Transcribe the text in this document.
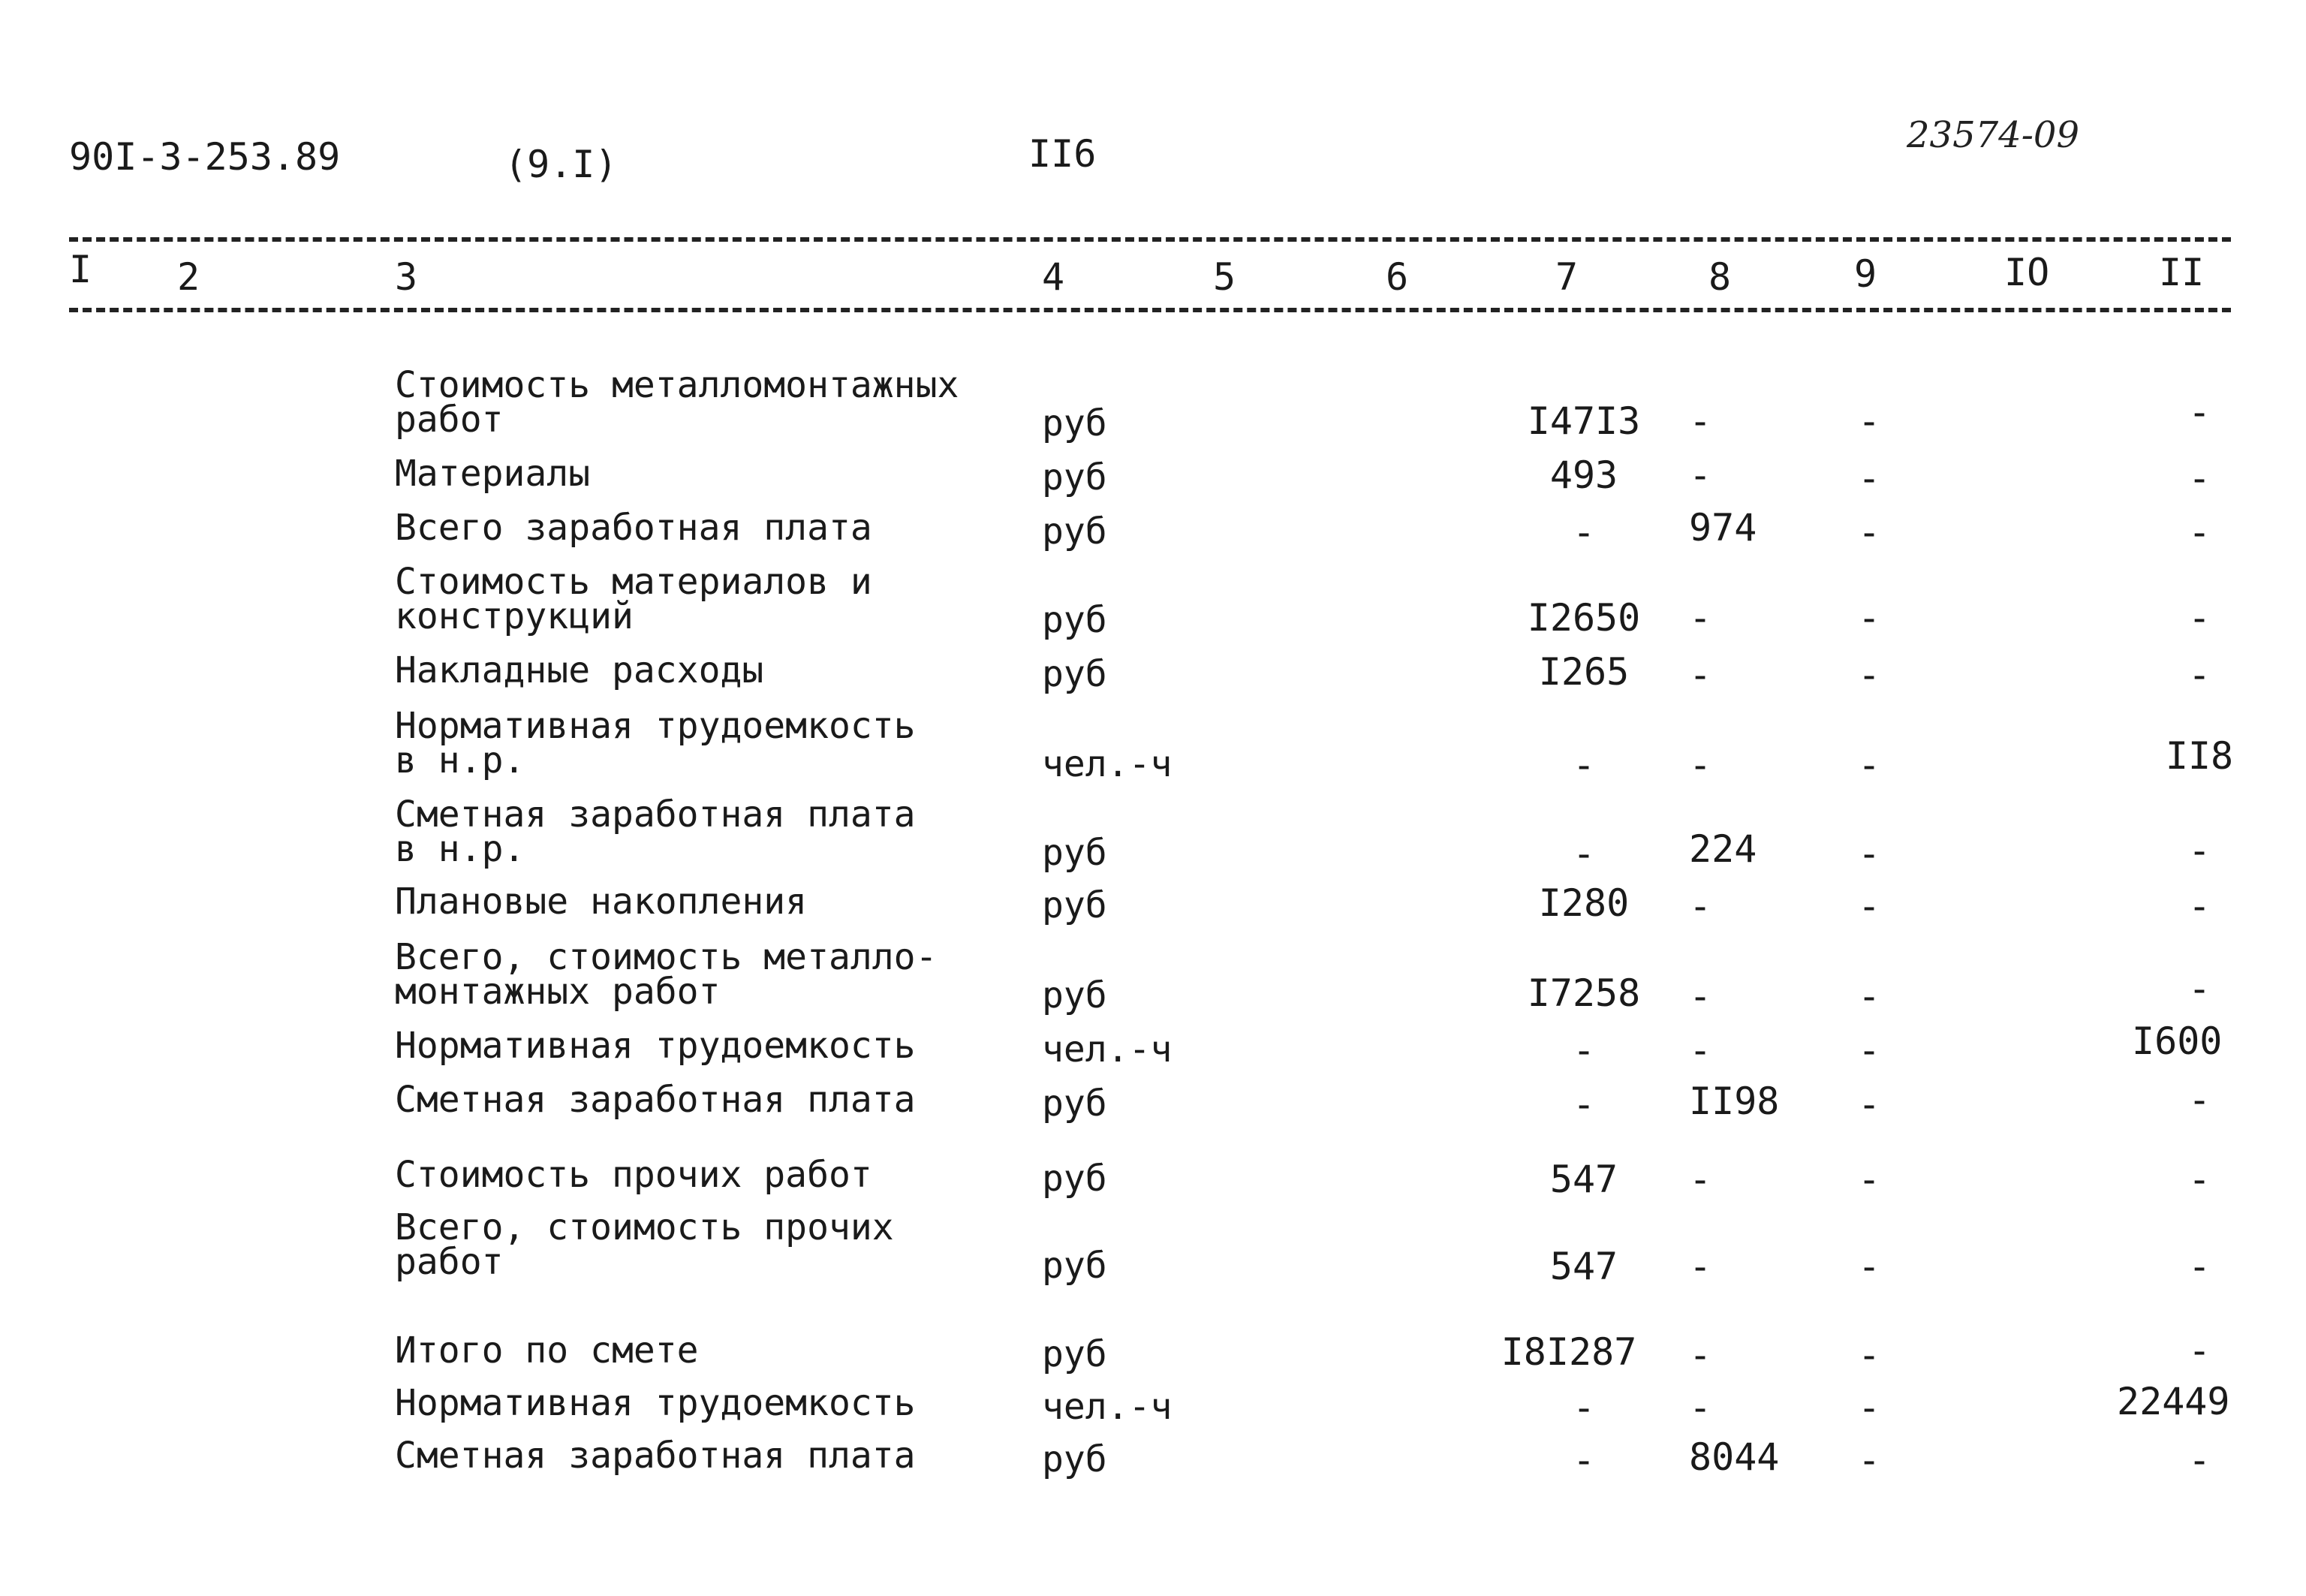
90I-3-253.89	(9.I)	II6	23574-09
I 2	3	4	5	6	7	8	9	IO	II
Стоимость металломонтажных
работ	руб	I47I3	-	-	-
Материалы	руб	493	-	-	-
Всего заработная плата	руб	-	974	-	-
Стоимость материалов и
конструкций	руб	I2650	-	-	-
Накладные расходы	руб	I265	-	-	-
Нормативная трудоемкость
в н.р.	чел.-ч	-	-	-	II8
Сметная заработная плата
в н.р.	руб	-	224	-	-
Плановые накопления	руб	I280	-	-	-
Всего, стоимость металло-
монтажных работ	руб	I7258	-	-	-
Нормативная трудоемкость	чел.-ч	-	-	-	I600
Сметная заработная плата	руб	-	II98	-	-
Стоимость прочих работ	руб	547	-	-	-
Всего, стоимость прочих
работ	руб	547	-	-	-
Итого по смете	руб	I8I287	-	-	-
Нормативная трудоемкость	чел.-ч	-	-	-	22449
Сметная заработная плата	руб	-	8044	-	-
